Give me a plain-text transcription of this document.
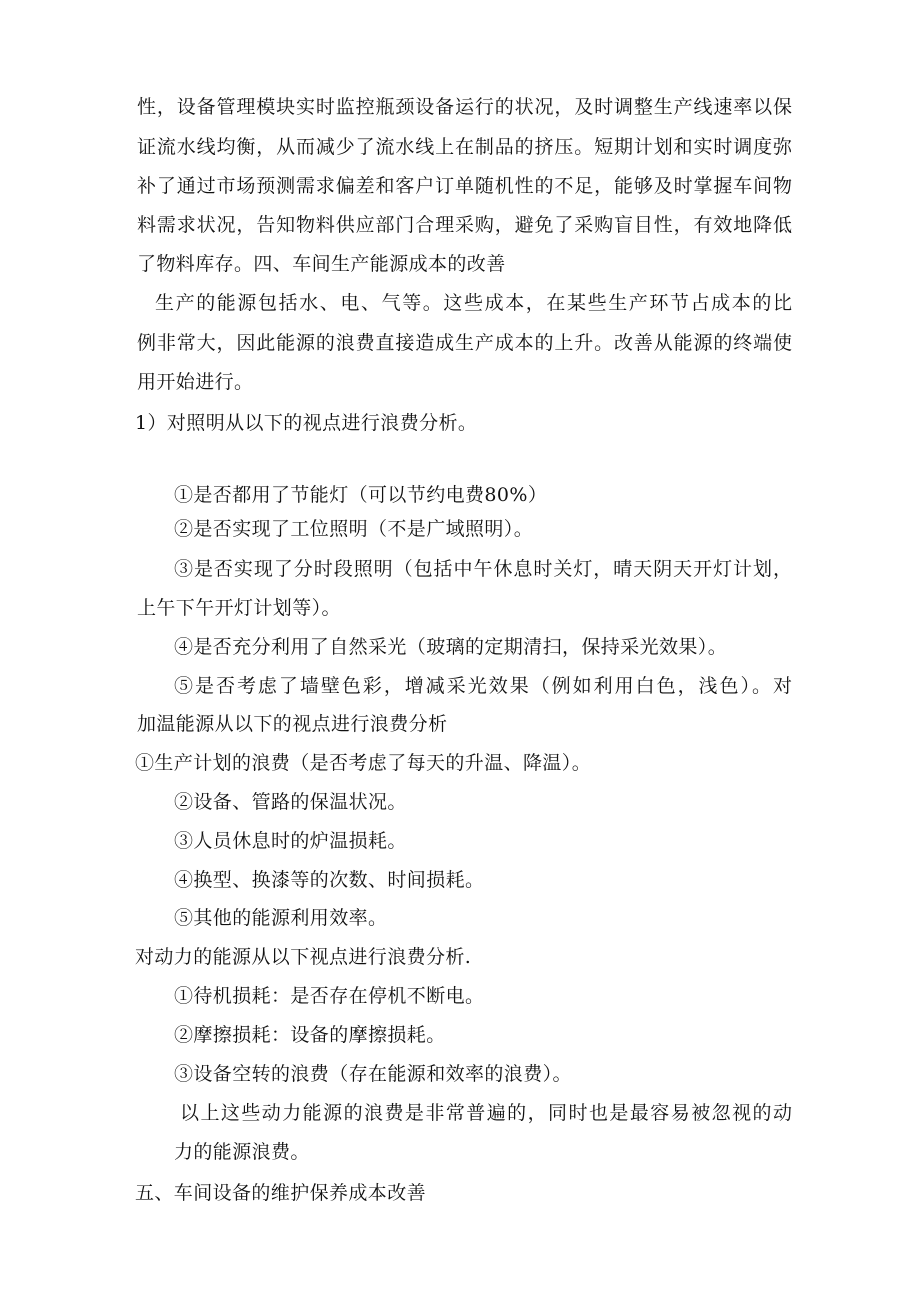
性，设备管理模块实时监控瓶颈设备运行的状况，及时调整生产线速率以保
证流水线均衡，从而减少了流水线上在制品的挤压。短期计划和实时调度弥
补了通过市场预测需求偏差和客户订单随机性的不足，能够及时掌握车间物
料需求状况，告知物料供应部门合理采购，避免了采购盲目性，有效地降低
了物料库存。四、车间生产能源成本的改善
生产的能源包括水、电、气等。这些成本，在某些生产环节占成本的比
例非常大，因此能源的浪费直接造成生产成本的上升。改善从能源的终端使
用开始进行。
1）对照明从以下的视点进行浪费分析。
①是否都用了节能灯（可以节约电费80%）
②是否实现了工位照明（不是广域照明）。
③是否实现了分时段照明（包括中午休息时关灯，晴天阴天开灯计划，
上午下午开灯计划等）。
④是否充分利用了自然采光（玻璃的定期清扫，保持采光效果）。
⑤是否考虑了墙壁色彩，增减采光效果（例如利用白色，浅色）。对
加温能源从以下的视点进行浪费分析
①生产计划的浪费（是否考虑了每天的升温、降温）。
②设备、管路的保温状况。
③人员休息时的炉温损耗。
④换型、换漆等的次数、时间损耗。
⑤其他的能源利用效率。
对动力的能源从以下视点进行浪费分析.
①待机损耗：是否存在停机不断电。
②摩擦损耗：设备的摩擦损耗。
③设备空转的浪费（存在能源和效率的浪费）。
以上这些动力能源的浪费是非常普遍的，同时也是最容易被忽视的动
力的能源浪费。
五、车间设备的维护保养成本改善
